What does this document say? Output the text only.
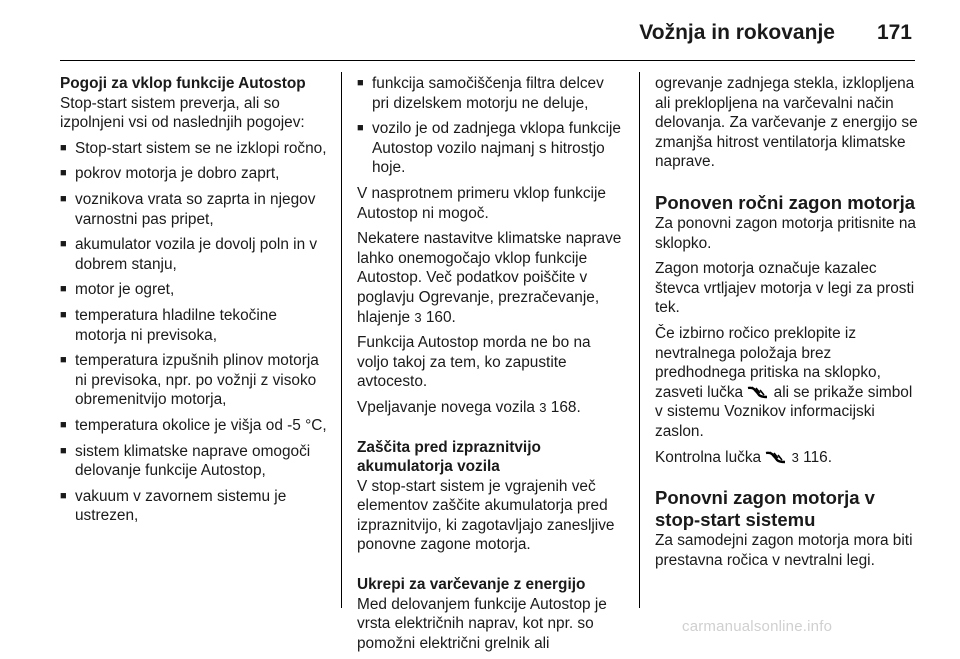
Vožnja in rokovanje 171
Pogoji za vklop funkcije Autostop

Stop-start sistem preverja, ali so izpolnjeni vsi od naslednjih pogojev:

■ Stop-start sistem se ne izklopi ročno,
■ pokrov motorja je dobro zaprt,
■ voznikova vrata so zaprta in njegov varnostni pas pripet,
■ akumulator vozila je dovolj poln in v dobrem stanju,
■ motor je ogret,
■ temperatura hladilne tekočine motorja ni previsoka,
■ temperatura izpušnih plinov motorja ni previsoka, npr. po vožnji z visoko obremenitvijo motorja,
■ temperatura okolice je višja od -5 °C,
■ sistem klimatske naprave omogoči delovanje funkcije Autostop,
■ vakuum v zavornem sistemu je ustrezen,
■ funkcija samočiščenja filtra delcev pri dizelskem motorju ne deluje,
■ vozilo je od zadnjega vklopa funkcije Autostop vozilo najmanj s hitrostjo hoje.

V nasprotnem primeru vklop funkcije Autostop ni mogoč.

Nekatere nastavitve klimatske naprave lahko onemogočajo vklop funkcije Autostop. Več podatkov poiščite v poglavju Ogrevanje, prezračevanje, hlajenje 3 160.

Funkcija Autostop morda ne bo na voljo takoj za tem, ko zapustite avtocesto.

Vpeljavanje novega vozila 3 168.

Zaščita pred izpraznitvijo akumulatorja vozila

V stop-start sistem je vgrajenih več elementov zaščite akumulatorja pred izpraznitvijo, ki zagotavljajo zanesljive ponovne zagone motorja.

Ukrepi za varčevanje z energijo

Med delovanjem funkcije Autostop je vrsta električnih naprav, kot npr. so pomožni električni grelnik ali

ogrevanje zadnjega stekla, izklopljena ali preklopljena na varčevalni način delovanja. Za varčevanje z energijo se zmanjša hitrost ventilatorja klimatske naprave.

Ponoven ročni zagon motorja

Za ponovni zagon motorja pritisnite na sklopko.

Zagon motorja označuje kazalec števca vrtljajev motorja v legi za prosti tek.

Če izbirno ročico preklopite iz nevtralnega položaja brez predhodnega pritiska na sklopko, zasveti lučka ali se prikaže simbol v sistemu Voznikov informacijski zaslon.

Kontrolna lučka 3 116.

Ponovni zagon motorja v stop-start sistemu

Za samodejni zagon motorja mora biti prestavna ročica v nevtralni legi.

carmanualsonline.info
